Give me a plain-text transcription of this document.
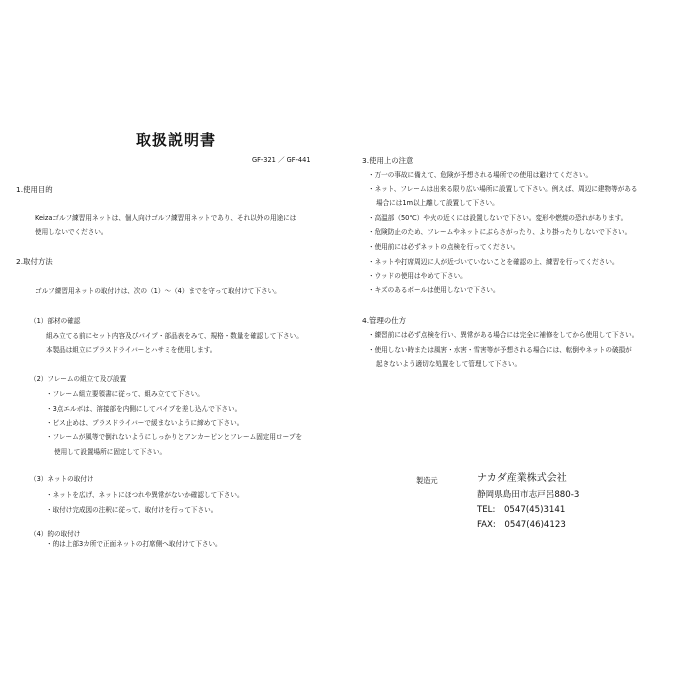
取扱説明書
GF-321 ／ GF-441
1.使用目的
Keizaゴルフ練習用ネットは、個人向けゴルフ練習用ネットであり、それ以外の用途には
使用しないでください。
2.取付方法
ゴルフ練習用ネットの取付けは、次の（1）～（4）までを守って取付けて下さい。
（1）部材の確認
組み立てる前にセット内容及びパイプ・部品表をみて、規格・数量を確認して下さい。
本製品は組立にプラスドライバーとハサミを使用します。
（2）フレームの組立て及び設置
・フレーム組立要領書に従って、組み立てて下さい。
・3点エルボは、溶接部を内側にしてパイプを差し込んで下さい。
・ビス止めは、プラスドライバーで緩まないように締めて下さい。
・フレームが風等で倒れないようにしっかりとアンカーピンとフレーム固定用ロープを
使用して設置場所に固定して下さい。
（3）ネットの取付け
・ネットを広げ、ネットにほつれや異常がないか確認して下さい。
・取付け完成図の注釈に従って、取付けを行って下さい。
（4）的の取付け
・的は上部3カ所で正面ネットの打席側へ取付けて下さい。
3.使用上の注意
・万一の事故に備えて、危険が予想される場所での使用は避けてください。
・ネット、フレームは出来る限り広い場所に設置して下さい。例えば、周辺に建物等がある
場合には1m以上離して設置して下さい。
・高温部（50℃）や火の近くには設置しないで下さい。変形や燃焼の恐れがあります。
・危険防止のため、フレームやネットにぶらさがったり、より掛ったりしないで下さい。
・使用前には必ずネットの点検を行ってください。
・ネットや打席周辺に人が近づいていないことを確認の上、練習を行ってください。
・ウッドの使用はやめて下さい。
・キズのあるボールは使用しないで下さい。
4.管理の仕方
・練習前には必ず点検を行い、異常がある場合には完全に補修をしてから使用して下さい。
・使用しない時または風害・水害・雪害等が予想される場合には、転倒やネットの破損が
起きないよう適切な処置をして管理して下さい。
製造元	ナカダ産業株式会社
静岡県島田市志戸呂880-3
TEL:　0547(45)3141
FAX:　0547(46)4123
